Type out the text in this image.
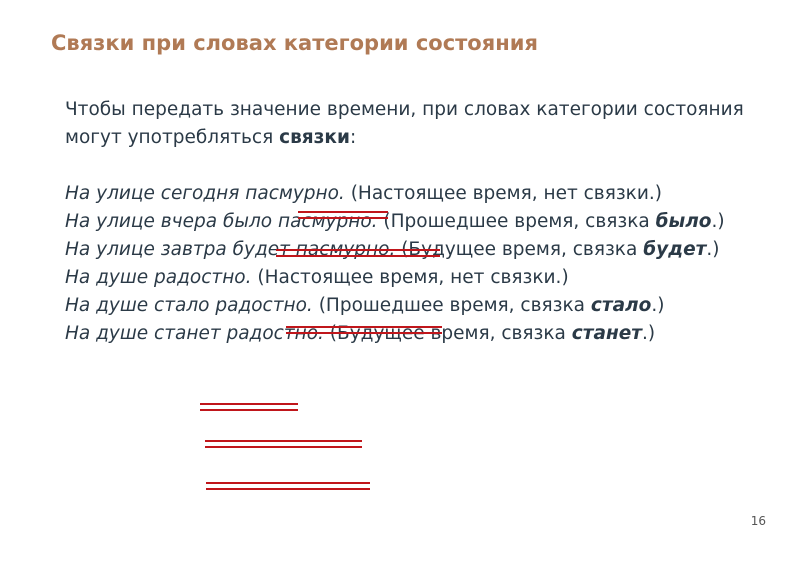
Связки при словах категории состояния

Чтобы передать значение времени, при словах категории состояния могут употребляться связки:

На улице сегодня пасмурно. (Настоящее время, нет связки.)

На улице вчера было пасмурно. (Прошедшее время, связка было.)

На улице завтра будет пасмурно. (Будущее время, связка будет.)

На душе радостно. (Настоящее время, нет связки.)

На душе стало радостно. (Прошедшее время, связка стало.)

На душе станет радостно. (Будущее время, связка станет.)

16
